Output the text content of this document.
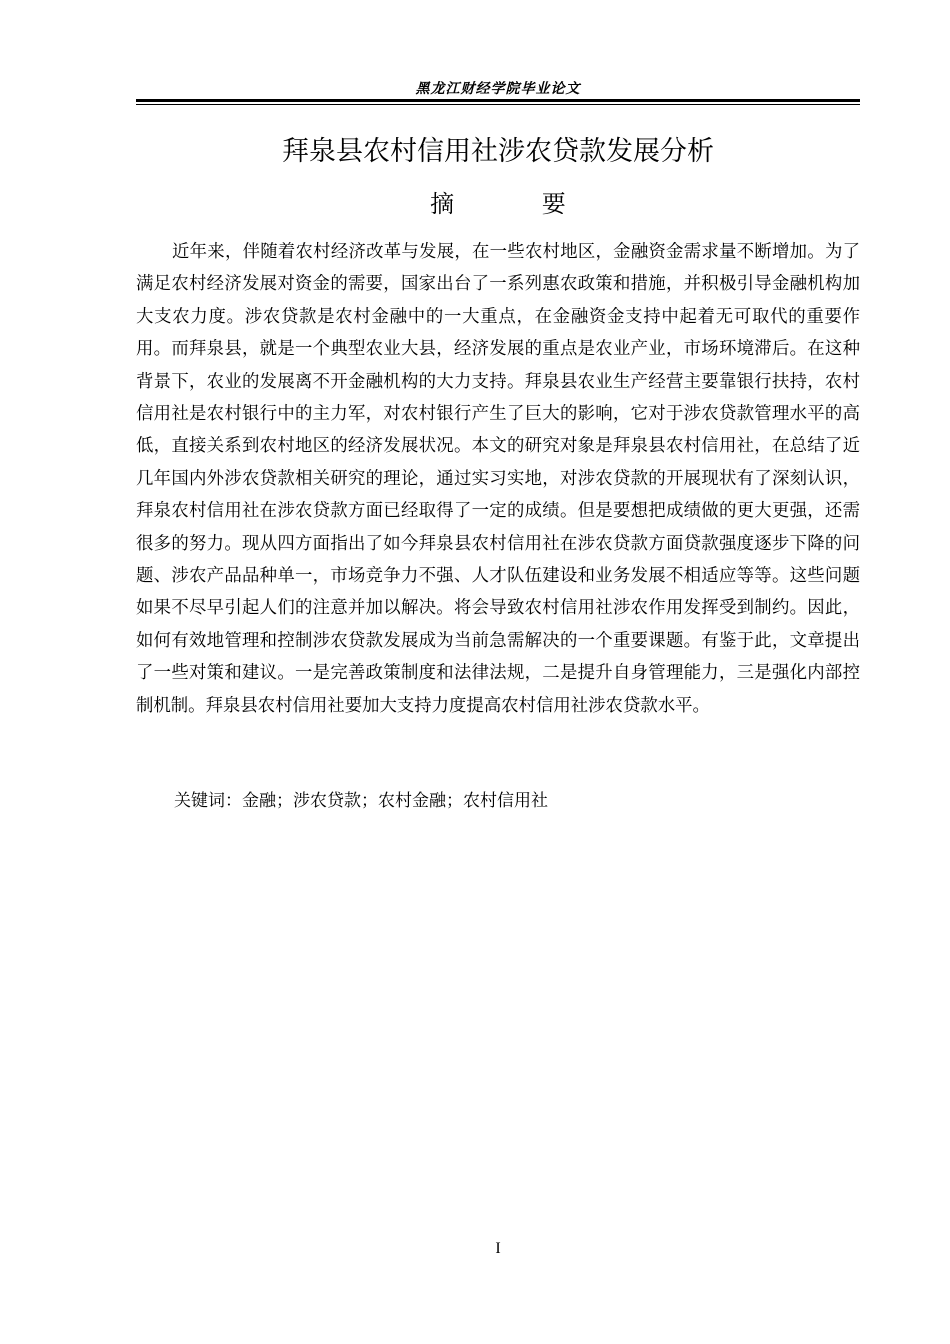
黑龙江财经学院毕业论文
拜泉县农村信用社涉农贷款发展分析
摘 要

近年来，伴随着农村经济改革与发展，在一些农村地区，金融资金需求量不断增加。为了满足农村经济发展对资金的需要，国家出台了一系列惠农政策和措施，并积极引导金融机构加大支农力度。涉农贷款是农村金融中的一大重点，在金融资金支持中起着无可取代的重要作用。而拜泉县，就是一个典型农业大县，经济发展的重点是农业产业，市场环境滞后。在这种背景下，农业的发展离不开金融机构的大力支持。拜泉县农业生产经营主要靠银行扶持，农村信用社是农村银行中的主力军，对农村银行产生了巨大的影响，它对于涉农贷款管理水平的高低，直接关系到农村地区的经济发展状况。本文的研究对象是拜泉县农村信用社，在总结了近几年国内外涉农贷款相关研究的理论，通过实习实地，对涉农贷款的开展现状有了深刻认识，拜泉农村信用社在涉农贷款方面已经取得了一定的成绩。但是要想把成绩做的更大更强，还需很多的努力。现从四方面指出了如今拜泉县农村信用社在涉农贷款方面贷款强度逐步下降的问题、涉农产品品种单一，市场竞争力不强、人才队伍建设和业务发展不相适应等等。这些问题如果不尽早引起人们的注意并加以解决。将会导致农村信用社涉农作用发挥受到制约。因此，如何有效地管理和控制涉农贷款发展成为当前急需解决的一个重要课题。有鉴于此，文章提出了一些对策和建议。一是完善政策制度和法律法规，二是提升自身管理能力，三是强化内部控制机制。拜泉县农村信用社要加大支持力度提高农村信用社涉农贷款水平。

关键词：金融；涉农贷款；农村金融；农村信用社
I
